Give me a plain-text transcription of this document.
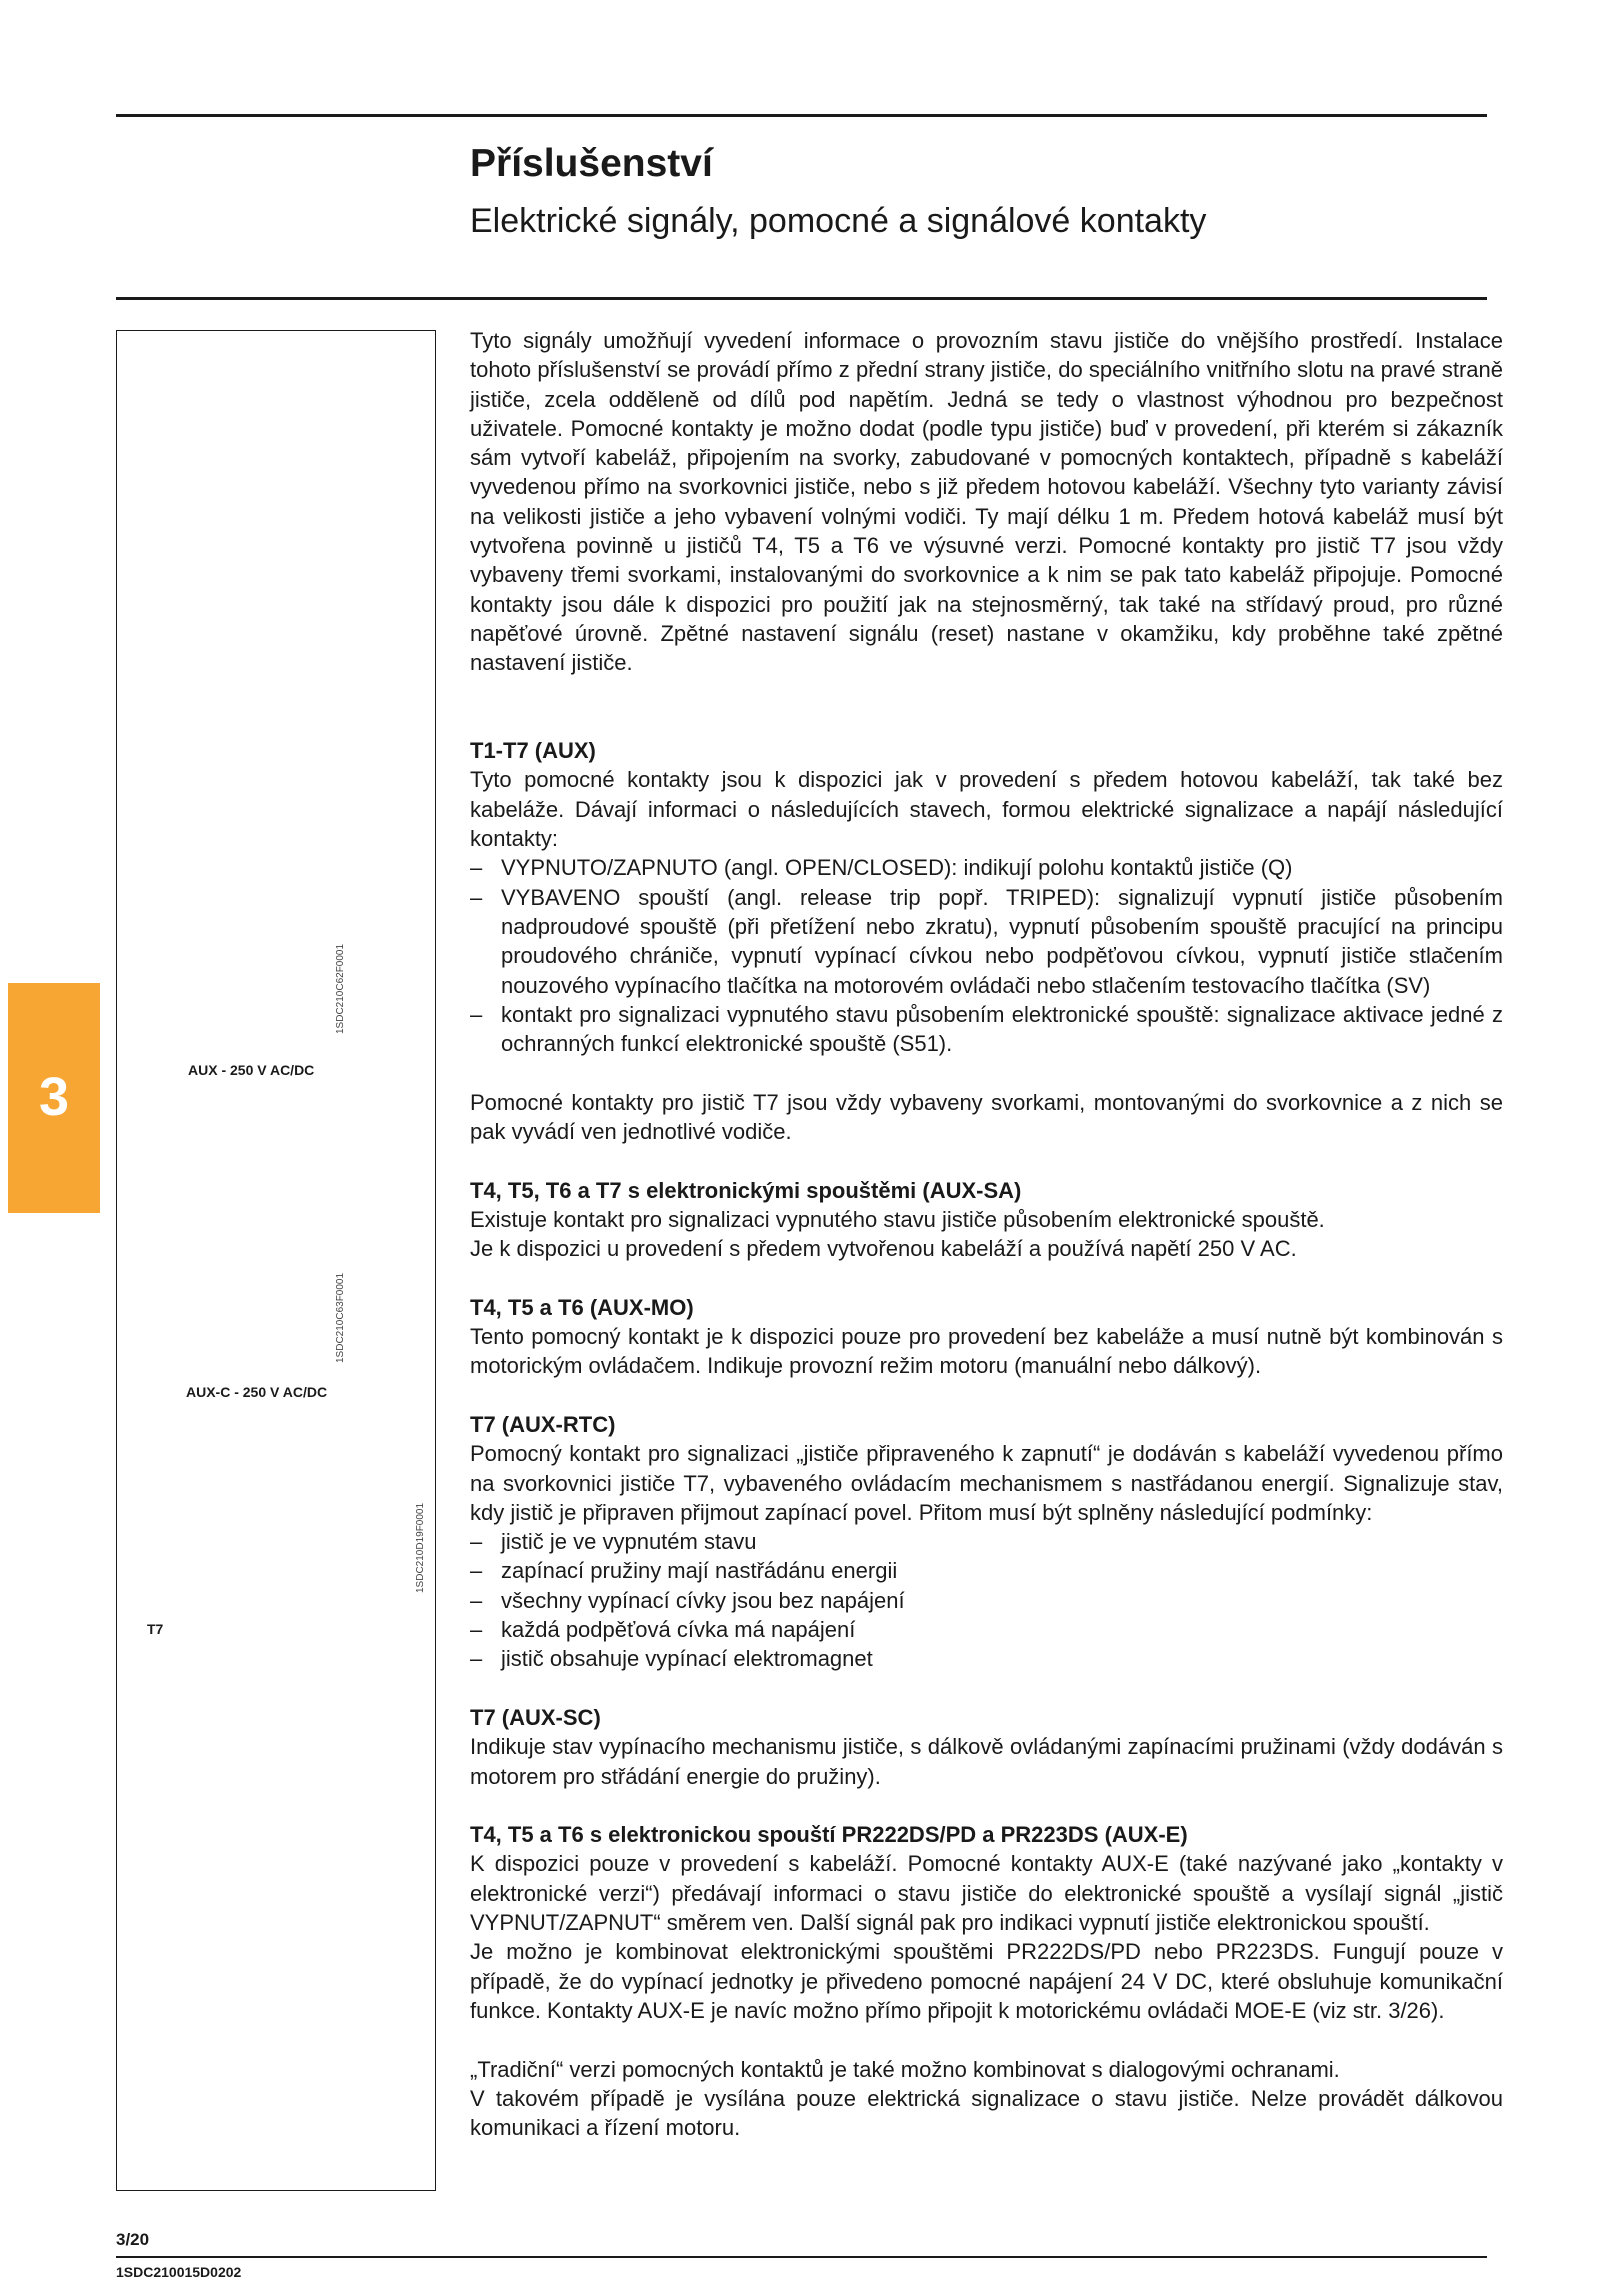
Příslušenství
Elektrické signály, pomocné a signálové kontakty
1SDC210C62F0001
AUX - 250 V AC/DC
1SDC210C63F0001
AUX-C - 250 V AC/DC
1SDC210D19F0001
T7
3

Tyto signály umožňují vyvedení informace o provozním stavu jističe do vnějšího prostředí. Instalace tohoto příslušenství se provádí přímo z přední strany jističe, do speciálního vnitřního slotu na pravé straně jističe, zcela odděleně od dílů pod napětím. Jedná se tedy o vlastnost výhodnou pro bezpečnost uživatele. Pomocné kontakty je možno dodat (podle typu jističe) buď v provedení, při kterém si zákazník sám vytvoří kabeláž, připojením na svorky, zabudované v pomocných kontaktech, případně s kabeláží vyvedenou přímo na svorkovnici jističe, nebo s již předem hotovou kabeláží. Všechny tyto varianty závisí na velikosti jističe a jeho vybavení volnými vodiči. Ty mají délku 1 m. Předem hotová kabeláž musí být vytvořena povinně u jističů T4, T5 a T6 ve výsuvné verzi. Pomocné kontakty pro jistič T7 jsou vždy vybaveny třemi svorkami, instalovanými do svorkovnice a k nim se pak tato kabeláž připojuje. Pomocné kontakty jsou dále k dispozici pro použití jak na stejnosměrný, tak také na střídavý proud, pro různé napěťové úrovně. Zpětné nastavení signálu (reset) nastane v okamžiku, kdy proběhne také zpětné nastavení jističe.

T1-T7 (AUX)

Tyto pomocné kontakty jsou k dispozici jak v provedení s předem hotovou kabeláží, tak také bez kabeláže. Dávají informaci o následujících stavech, formou elektrické signalizace a napájí následující kontakty:

– VYPNUTO/ZAPNUTO (angl. OPEN/CLOSED): indikují polohu kontaktů jističe (Q)
– VYBAVENO spouští (angl. release trip popř. TRIPED): signalizují vypnutí jističe působením nadproudové spouště (při přetížení nebo zkratu), vypnutí působením spouště pracující na principu proudového chrániče, vypnutí vypínací cívkou nebo podpěťovou cívkou, vypnutí jističe stlačením nouzového vypínacího tlačítka na motorovém ovládači nebo stlačením testovacího tlačítka (SV)
– kontakt pro signalizaci vypnutého stavu působením elektronické spouště: signalizace aktivace jedné z ochranných funkcí elektronické spouště (S51).

Pomocné kontakty pro jistič T7 jsou vždy vybaveny svorkami, montovanými do svorkovnice a z nich se pak vyvádí ven jednotlivé vodiče.

T4, T5, T6 a T7 s elektronickými spouštěmi (AUX-SA)

Existuje kontakt pro signalizaci vypnutého stavu jističe působením elektronické spouště.

Je k dispozici u provedení s předem vytvořenou kabeláží a používá napětí 250 V AC.

T4, T5 a T6 (AUX-MO)

Tento pomocný kontakt je k dispozici pouze pro provedení bez kabeláže a musí nutně být kombinován s motorickým ovládačem. Indikuje provozní režim motoru (manuální nebo dálkový).

T7 (AUX-RTC)

Pomocný kontakt pro signalizaci „jističe připraveného k zapnutí“ je dodáván s kabeláží vyvedenou přímo na svorkovnici jističe T7, vybaveného ovládacím mechanismem s nastřádanou energií. Signalizuje stav, kdy jistič je připraven přijmout zapínací povel. Přitom musí být splněny následující podmínky:

– jistič je ve vypnutém stavu
– zapínací pružiny mají nastřádánu energii
– všechny vypínací cívky jsou bez napájení
– každá podpěťová cívka má napájení
– jistič obsahuje vypínací elektromagnet
T7 (AUX-SC)

Indikuje stav vypínacího mechanismu jističe, s dálkově ovládanými zapínacími pružinami (vždy dodáván s motorem pro střádání energie do pružiny).

T4, T5 a T6 s elektronickou spouští PR222DS/PD a PR223DS (AUX-E)

K dispozici pouze v provedení s kabeláží. Pomocné kontakty AUX-E (také nazývané jako „kontakty v elektronické verzi“) předávají informaci o stavu jističe do elektronické spouště a vysílají signál „jistič VYPNUT/ZAPNUT“ směrem ven. Další signál pak pro indikaci vypnutí jističe elektronickou spouští.

Je možno je kombinovat elektronickými spouštěmi PR222DS/PD nebo PR223DS. Fungují pouze v případě, že do vypínací jednotky je přivedeno pomocné napájení 24 V DC, které obsluhuje komunikační funkce. Kontakty AUX-E je navíc možno přímo připojit k motorickému ovládači MOE-E (viz str. 3/26).

„Tradiční“ verzi pomocných kontaktů je také možno kombinovat s dialogovými ochranami.

V takovém případě je vysílána pouze elektrická signalizace o stavu jističe. Nelze provádět dálkovou komunikaci a řízení motoru.

3/20
1SDC210015D0202
